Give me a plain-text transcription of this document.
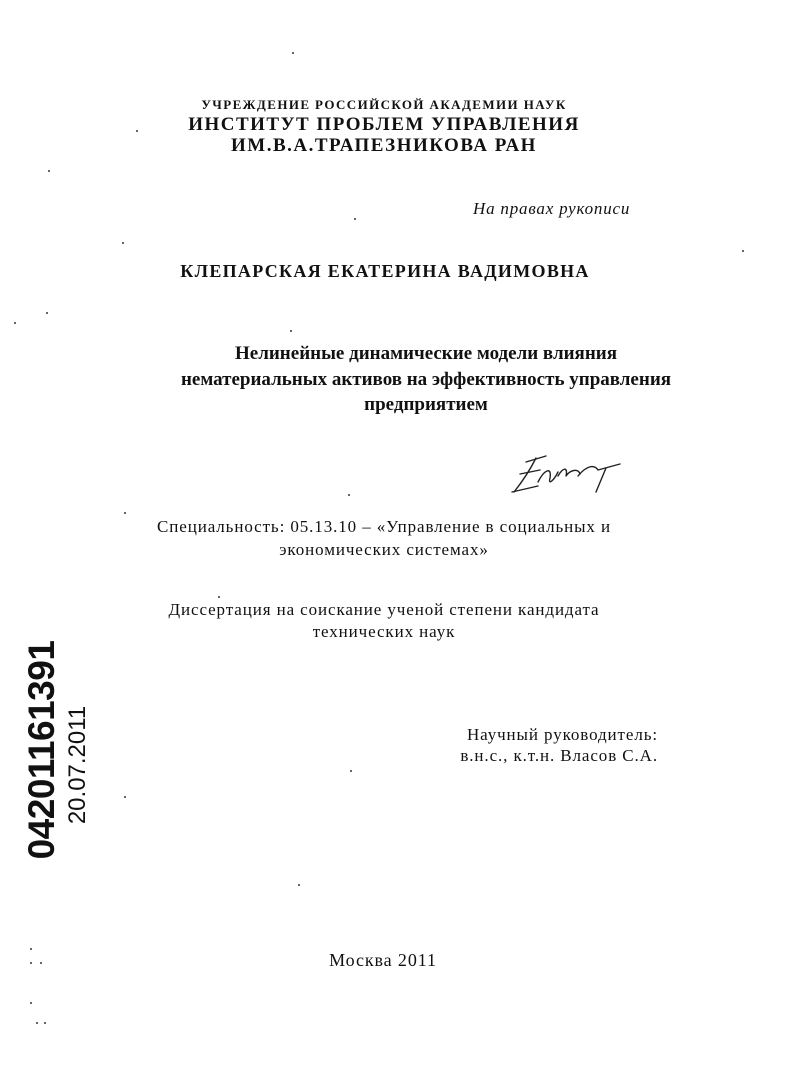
УЧРЕЖДЕНИЕ РОССИЙСКОЙ АКАДЕМИИ НАУК
ИНСТИТУТ ПРОБЛЕМ УПРАВЛЕНИЯ
ИМ.В.А.ТРАПЕЗНИКОВА РАН
На правах рукописи
КЛЕПАРСКАЯ ЕКАТЕРИНА ВАДИМОВНА
Нелинейные динамические модели влияния
нематериальных активов на эффективность управления
предприятием
Специальность: 05.13.10 – «Управление в социальных и
экономических системах»
Диссертация на соискание ученой степени кандидата
технических наук
Научный руководитель:
в.н.с., к.т.н. Власов С.А.
Москва 2011
04201161391 20.07.2011
